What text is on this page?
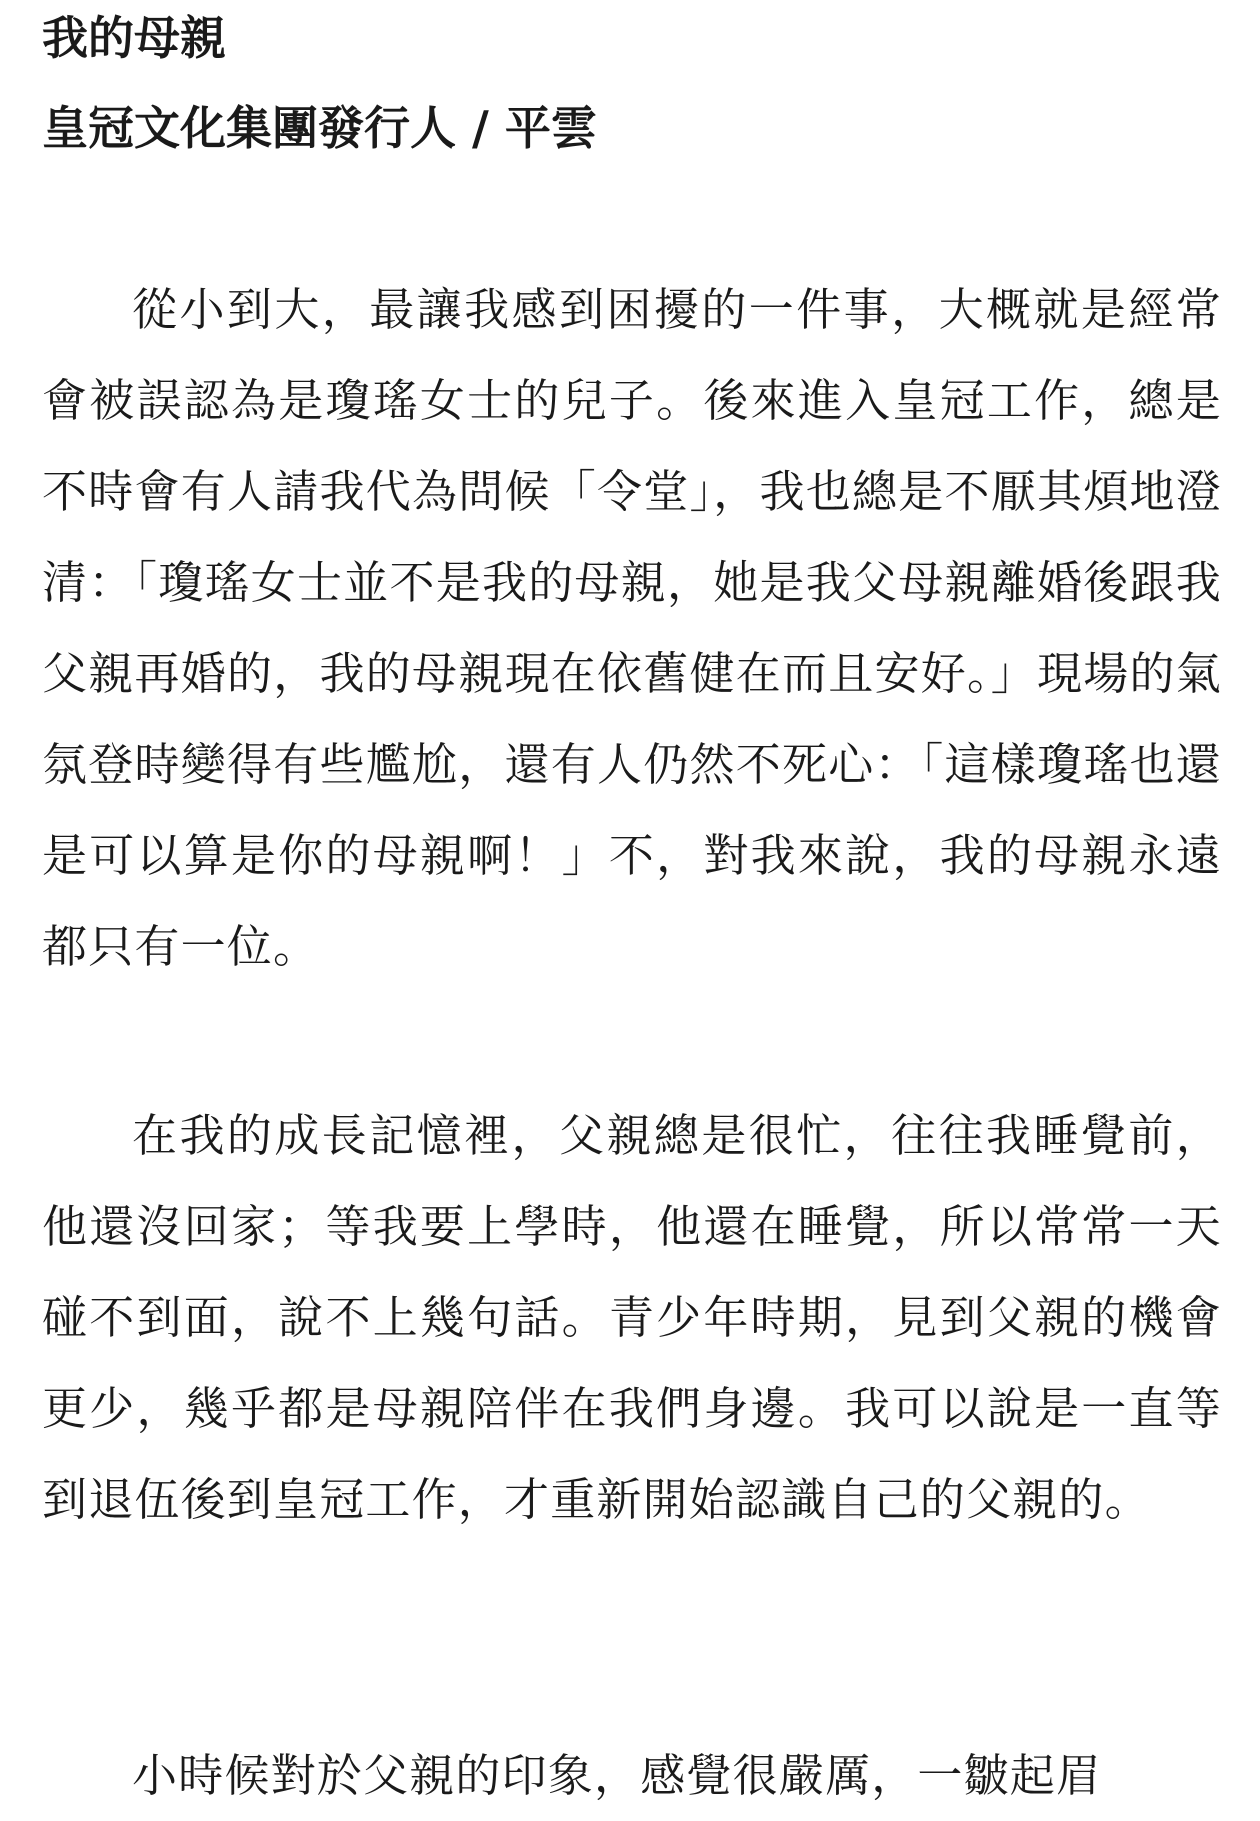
我的母親
皇冠文化集團發行人 / 平雲

從小到大，最讓我感到困擾的一件事，大概就是經常會被誤認為是瓊瑤女士的兒子。後來進入皇冠工作，總是不時會有人請我代為問候「令堂」，我也總是不厭其煩地澄清：「瓊瑤女士並不是我的母親，她是我父母親離婚後跟我父親再婚的，我的母親現在依舊健在而且安好。」現場的氣氛登時變得有些尷尬，還有人仍然不死心：「這樣瓊瑤也還是可以算是你的母親啊！」不，對我來說，我的母親永遠都只有一位。

在我的成長記憶裡，父親總是很忙，往往我睡覺前，他還沒回家；等我要上學時，他還在睡覺，所以常常一天碰不到面，說不上幾句話。青少年時期，見到父親的機會更少，幾乎都是母親陪伴在我們身邊。我可以說是一直等到退伍後到皇冠工作，才重新開始認識自己的父親的。

小時候對於父親的印象，感覺很嚴厲，一皺起眉
